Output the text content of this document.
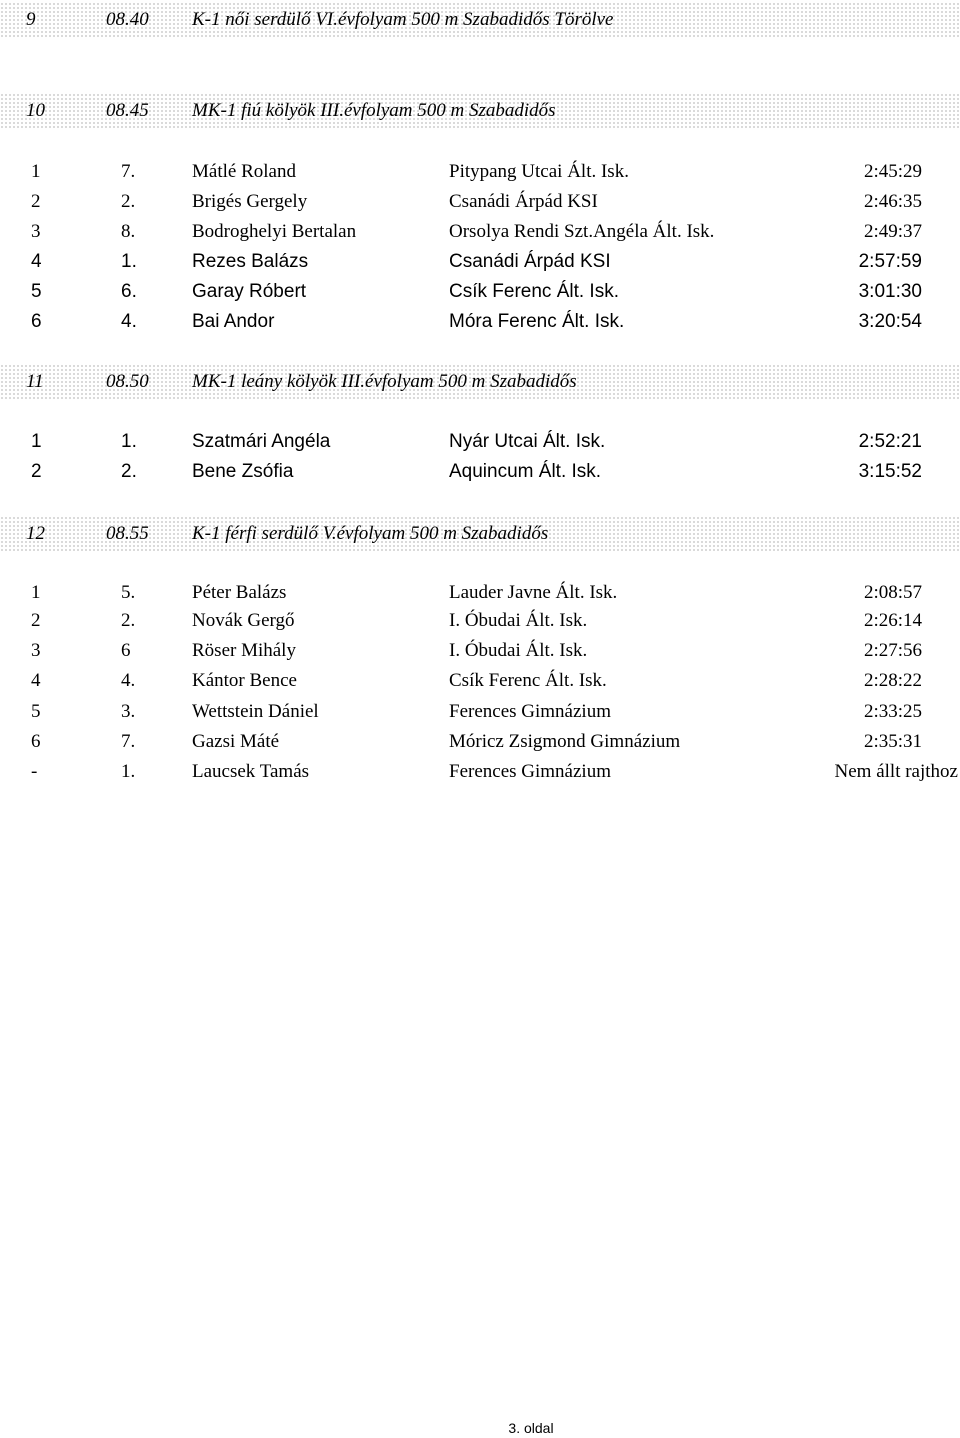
9	08.40 K-1 női serdülő VI.évfolyam 500 m Szabadidős Törölve
10	08.45 MK-1 fiú kölyök III.évfolyam 500 m Szabadidős
1	7.	Mátlé Roland	Pitypang Utcai Ált. Isk.	2:45:29
2	2.	Brigés Gergely	Csanádi Árpád KSI	2:46:35
3	8.	Bodroghelyi Bertalan	Orsolya Rendi Szt.Angéla Ált. Isk.	2:49:37
4	1.	Rezes Balázs	Csanádi Árpád KSI	2:57:59
5	6.	Garay Róbert	Csík Ferenc Ált. Isk.	3:01:30
6	4.	Bai Andor	Móra Ferenc Ált. Isk.	3:20:54
11	08.50 MK-1 leány kölyök III.évfolyam 500 m Szabadidős
1	1.	Szatmári Angéla	Nyár Utcai Ált. Isk.	2:52:21
2	2.	Bene Zsófia	Aquincum Ált. Isk.	3:15:52
12	08.55 K-1 férfi serdülő V.évfolyam 500 m Szabadidős
1	5.	Péter Balázs	Lauder Javne Ált. Isk.	2:08:57
2	2.	Novák Gergő	I. Óbudai Ált. Isk.	2:26:14
3	6	Röser Mihály	I. Óbudai Ált. Isk.	2:27:56
4	4.	Kántor Bence	Csík Ferenc Ált. Isk.	2:28:22
5	3.	Wettstein Dániel	Ferences Gimnázium	2:33:25
6	7.	Gazsi Máté	Móricz Zsigmond Gimnázium	2:35:31
-	1.	Laucsek Tamás	Ferences Gimnázium	Nem állt rajthoz
3. oldal
